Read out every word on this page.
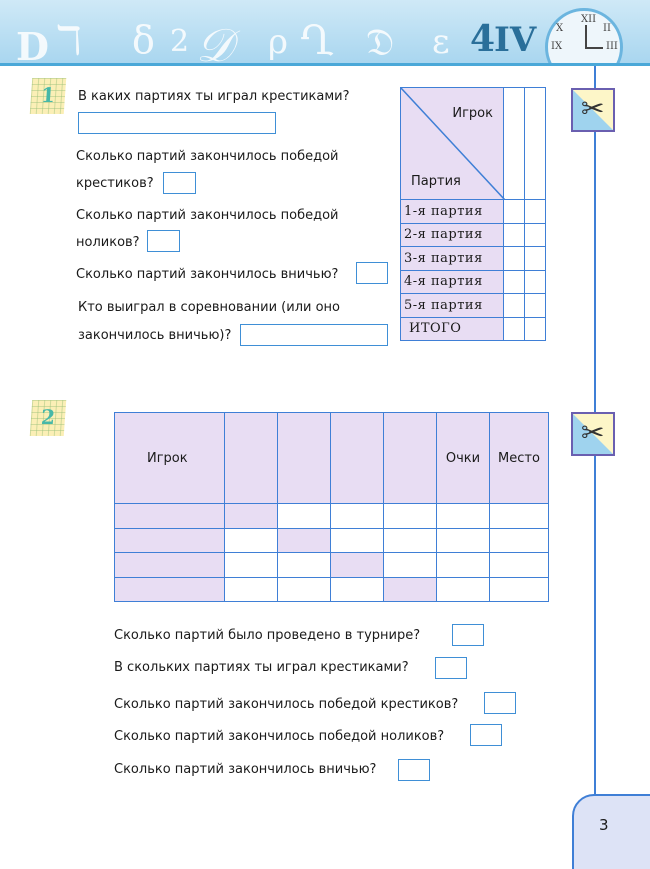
D ℸ δ 2 𝒟 ρ Ղ 𝔇 ε 4
IV
XII
X	II
IX	III
✂
✂
3
1	В каких партиях ты играл крестиками?
Сколько партий закончилось победой
крестиков?
Сколько партий закончилось победой
ноликов?
Сколько партий закончилось вничью?
Кто выиграл в соревновании (или оно
закончилось вничью)?
Игрок
Партия		

1-я партия		
2-я партия		
3-я партия		
4-я партия		
5-я партия		
ИТОГО		
2
Игрок					Очки	Место

Сколько партий было проведено в турнире?
В скольких партиях ты играл крестиками?
Сколько партий закончилось победой крестиков?
Сколько партий закончилось победой ноликов?
Сколько партий закончилось вничью?
